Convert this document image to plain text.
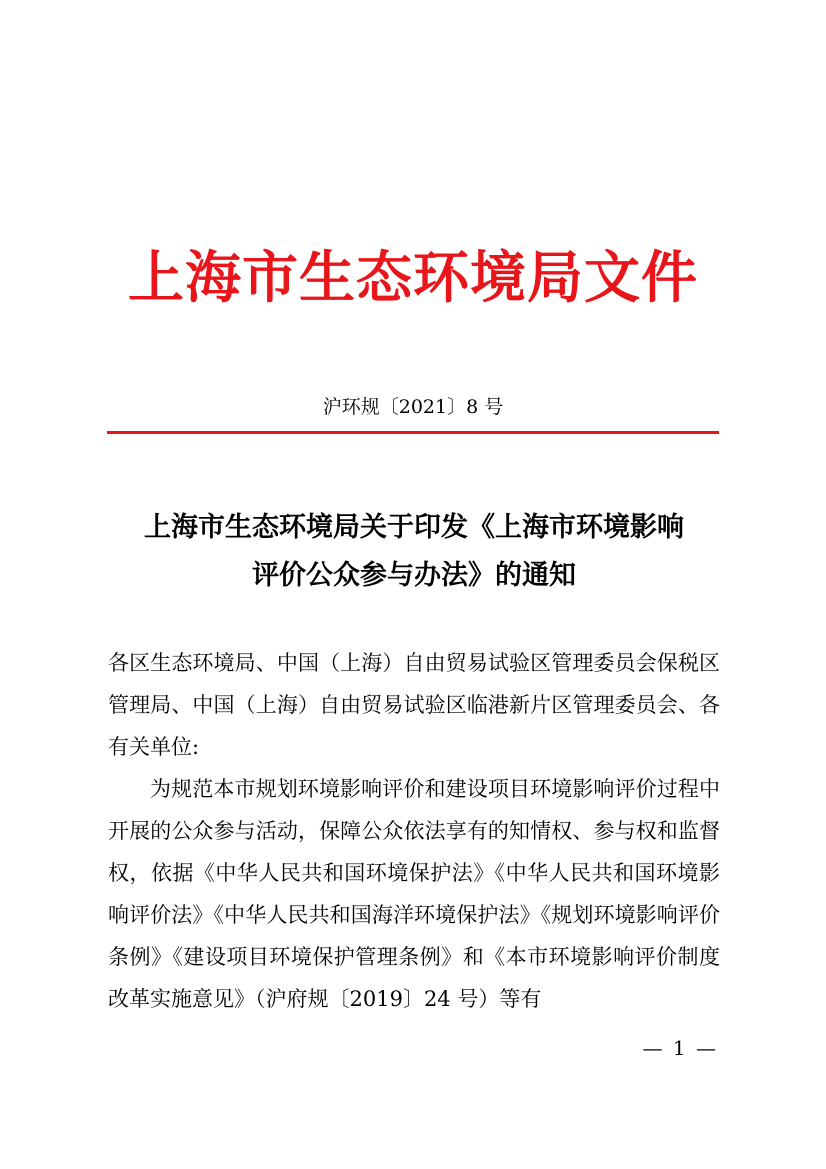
上海市生态环境局文件
沪环规〔2021〕8 号
上海市生态环境局关于印发《上海市环境影响
评价公众参与办法》的通知

各区生态环境局、中国（上海）自由贸易试验区管理委员会保税区管理局、中国（上海）自由贸易试验区临港新片区管理委员会、各有关单位:

为规范本市规划环境影响评价和建设项目环境影响评价过程中开展的公众参与活动，保障公众依法享有的知情权、参与权和监督权，依据《中华人民共和国环境保护法》《中华人民共和国环境影响评价法》《中华人民共和国海洋环境保护法》《规划环境影响评价条例》《建设项目环境保护管理条例》和《本市环境影响评价制度改革实施意见》（沪府规〔2019〕24 号）等有

— 1 —
